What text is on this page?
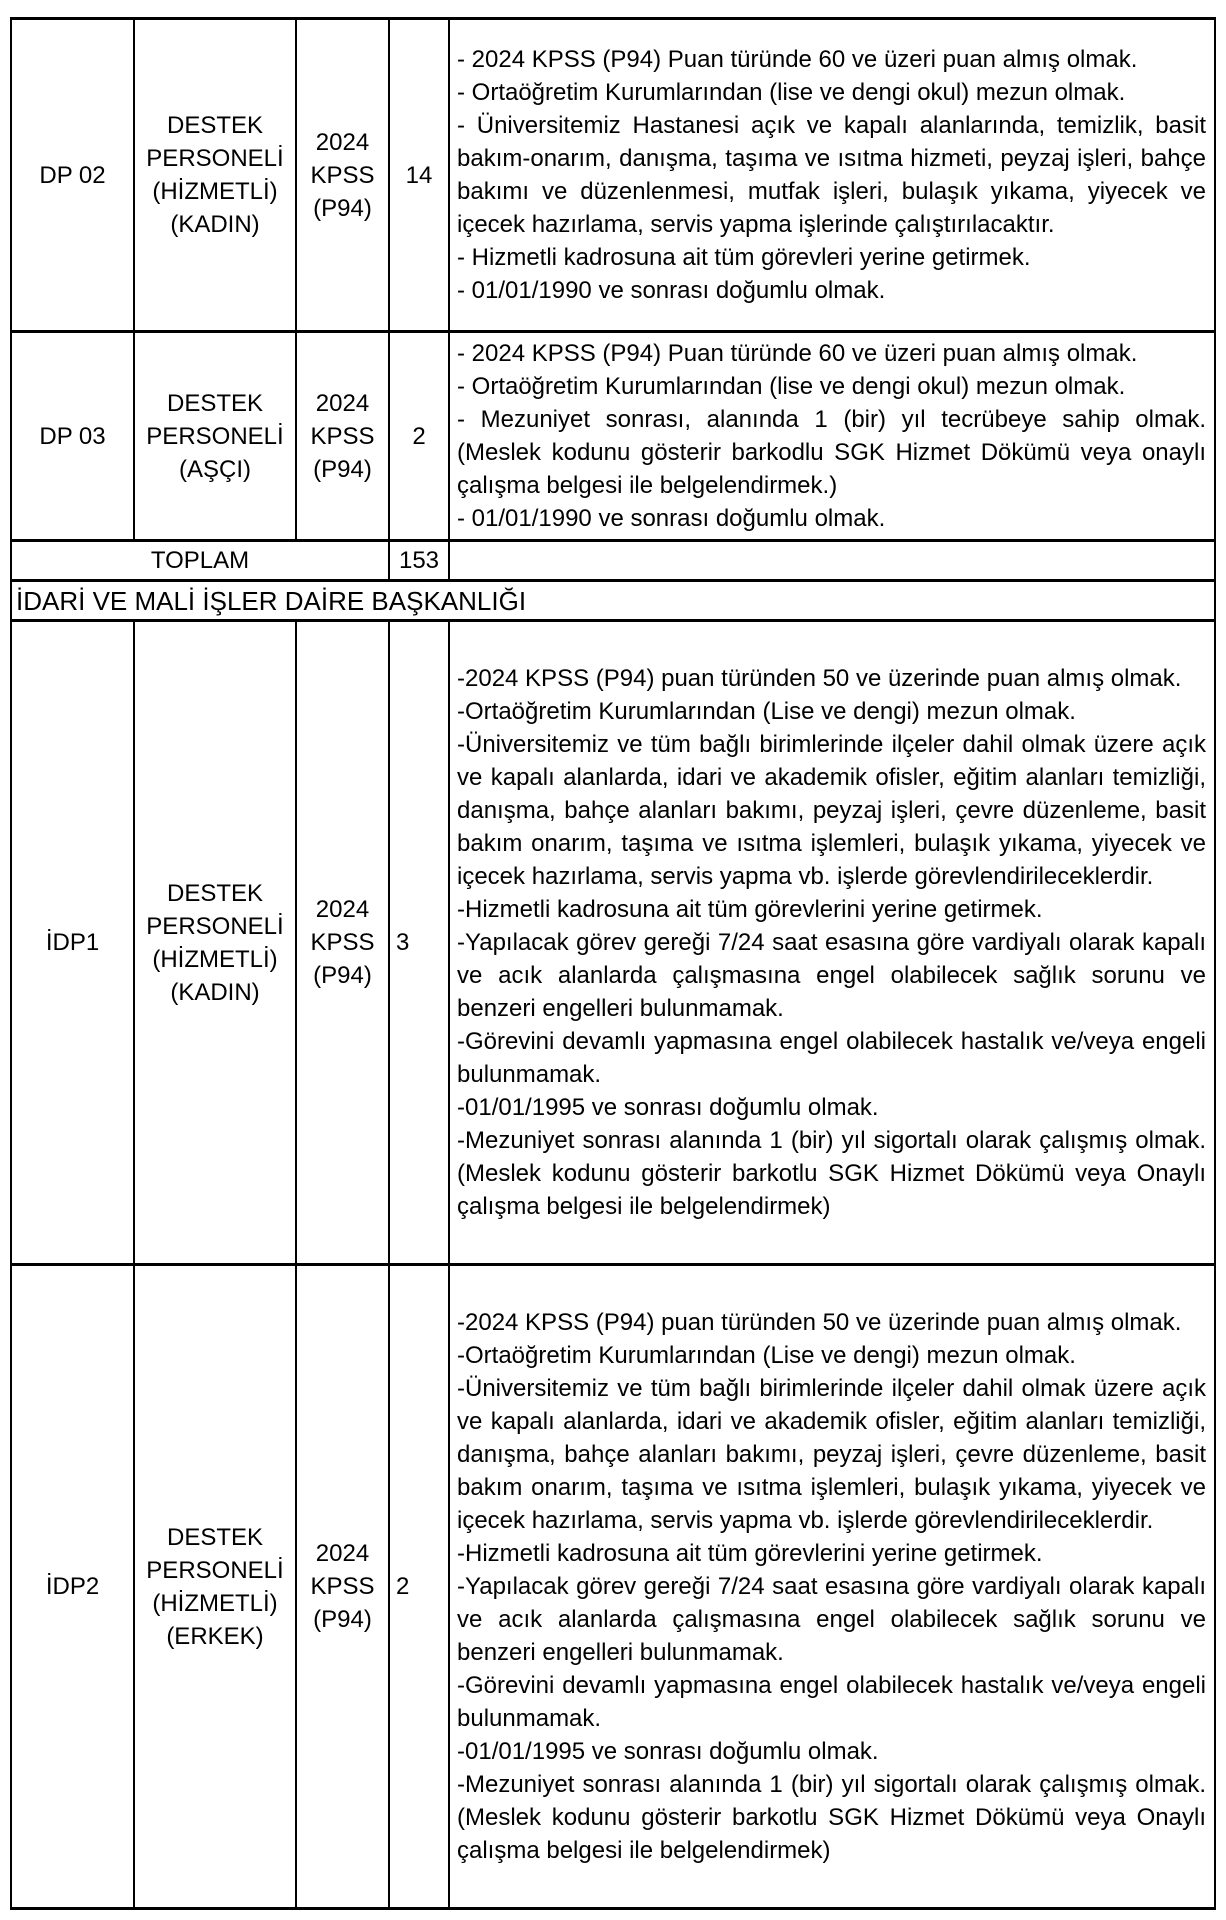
DP 02	DESTEK PERSONELİ (HİZMETLİ) (KADIN)	2024 KPSS (P94)	14	- 2024 KPSS (P94) Puan türünde 60 ve üzeri puan almış olmak.
- Ortaöğretim Kurumlarından (lise ve dengi okul) mezun olmak.
- Üniversitemiz Hastanesi açık ve kapalı alanlarında, temizlik, basit bakım-onarım, danışma, taşıma ve ısıtma hizmeti, peyzaj işleri, bahçe bakımı ve düzenlenmesi, mutfak işleri, bulaşık yıkama, yiyecek ve içecek hazırlama, servis yapma işlerinde çalıştırılacaktır.
- Hizmetli kadrosuna ait tüm görevleri yerine getirmek.
- 01/01/1990 ve sonrası doğumlu olmak.

DP 03	DESTEK PERSONELİ (AŞÇI)	2024 KPSS (P94)	2	- 2024 KPSS (P94) Puan türünde 60 ve üzeri puan almış olmak.
- Ortaöğretim Kurumlarından (lise ve dengi okul) mezun olmak.
- Mezuniyet sonrası, alanında 1 (bir) yıl tecrübeye sahip olmak. (Meslek kodunu gösterir barkodlu SGK Hizmet Dökümü veya onaylı çalışma belgesi ile belgelendirmek.)
- 01/01/1990 ve sonrası doğumlu olmak.

TOPLAM			153	
İDARİ VE MALİ İŞLER DAİRE BAŞKANLIĞI				
İDP1	DESTEK PERSONELİ (HİZMETLİ) (KADIN)	2024 KPSS (P94)	3	
-2024 KPSS (P94) puan türünden 50 ve üzerinde puan almış olmak.
-Ortaöğretim Kurumlarından (Lise ve dengi) mezun olmak.
-Üniversitemiz ve tüm bağlı birimlerinde ilçeler dahil olmak üzere açık ve kapalı alanlarda, idari ve akademik ofisler, eğitim alanları temizliği, danışma, bahçe alanları bakımı, peyzaj işleri, çevre düzenleme, basit bakım onarım, taşıma ve ısıtma işlemleri, bulaşık yıkama, yiyecek ve içecek hazırlama, servis yapma vb. işlerde görevlendirileceklerdir.
-Hizmetli kadrosuna ait tüm görevlerini yerine getirmek.
-Yapılacak görev gereği 7/24 saat esasına göre vardiyalı olarak kapalı ve acık alanlarda çalışmasına engel olabilecek sağlık sorunu ve benzeri engelleri bulunmamak.
-Görevini devamlı yapmasına engel olabilecek hastalık ve/veya engeli bulunmamak.
-01/01/1995 ve sonrası doğumlu olmak.
-Mezuniyet sonrası alanında 1 (bir) yıl sigortalı olarak çalışmış olmak. (Meslek kodunu gösterir barkotlu SGK Hizmet Dökümü veya Onaylı çalışma belgesi ile belgelendirmek)

İDP2	DESTEK PERSONELİ (HİZMETLİ) (ERKEK)	2024 KPSS (P94)	2	
-2024 KPSS (P94) puan türünden 50 ve üzerinde puan almış olmak.
-Ortaöğretim Kurumlarından (Lise ve dengi) mezun olmak.
-Üniversitemiz ve tüm bağlı birimlerinde ilçeler dahil olmak üzere açık ve kapalı alanlarda, idari ve akademik ofisler, eğitim alanları temizliği, danışma, bahçe alanları bakımı, peyzaj işleri, çevre düzenleme, basit bakım onarım, taşıma ve ısıtma işlemleri, bulaşık yıkama, yiyecek ve içecek hazırlama, servis yapma vb. işlerde görevlendirileceklerdir.
-Hizmetli kadrosuna ait tüm görevlerini yerine getirmek.
-Yapılacak görev gereği 7/24 saat esasına göre vardiyalı olarak kapalı ve acık alanlarda çalışmasına engel olabilecek sağlık sorunu ve benzeri engelleri bulunmamak.
-Görevini devamlı yapmasına engel olabilecek hastalık ve/veya engeli bulunmamak.
-01/01/1995 ve sonrası doğumlu olmak.
-Mezuniyet sonrası alanında 1 (bir) yıl sigortalı olarak çalışmış olmak. (Meslek kodunu gösterir barkotlu SGK Hizmet Dökümü veya Onaylı çalışma belgesi ile belgelendirmek)
